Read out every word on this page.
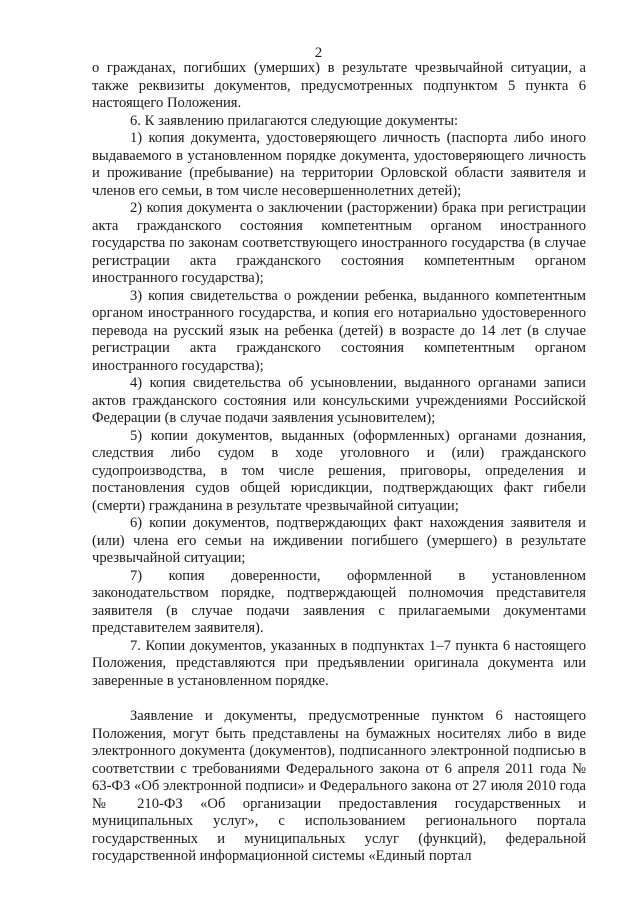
2

о гражданах, погибших (умерших) в результате чрезвычайной ситуации, а также реквизиты документов, предусмотренных подпунктом 5 пункта 6 настоящего Положения.

6. К заявлению прилагаются следующие документы:

1) копия документа, удостоверяющего личность (паспорта либо иного выдаваемого в установленном порядке документа, удостоверяющего личность и проживание (пребывание) на территории Орловской области заявителя и членов его семьи, в том числе несовершеннолетних детей);

2) копия документа о заключении (расторжении) брака при регистрации акта гражданского состояния компетентным органом иностранного государства по законам соответствующего иностранного государства (в случае регистрации акта гражданского состояния компетентным органом иностранного государства);

3) копия свидетельства о рождении ребенка, выданного компетентным органом иностранного государства, и копия его нотариально удостоверенного перевода на русский язык на ребенка (детей) в возрасте до 14 лет (в случае регистрации акта гражданского состояния компетентным органом иностранного государства);

4) копия свидетельства об усыновлении, выданного органами записи актов гражданского состояния или консульскими учреждениями Российской Федерации (в случае подачи заявления усыновителем);

5) копии документов, выданных (оформленных) органами дознания, следствия либо судом в ходе уголовного и (или) гражданского судопроизводства, в том числе решения, приговоры, определения и постановления судов общей юрисдикции, подтверждающих факт гибели (смерти) гражданина в результате чрезвычайной ситуации;

6) копии документов, подтверждающих факт нахождения заявителя и (или) члена его семьи на иждивении погибшего (умершего) в результате чрезвычайной ситуации;

7) копия доверенности, оформленной в установленном законодательством порядке, подтверждающей полномочия представителя заявителя (в случае подачи заявления с прилагаемыми документами представителем заявителя).

7. Копии документов, указанных в подпунктах 1–7 пункта 6 настоящего Положения, представляются при предъявлении оригинала документа или заверенные в установленном порядке.

Заявление и документы, предусмотренные пунктом 6 настоящего Положения, могут быть представлены на бумажных носителях либо в виде электронного документа (документов), подписанного электронной подписью в соответствии с требованиями Федерального закона от 6 апреля 2011 года № 63-ФЗ «Об электронной подписи» и Федерального закона от 27 июля 2010 года № 210-ФЗ «Об организации предоставления государственных и муниципальных услуг», с использованием регионального портала государственных и муниципальных услуг (функций), федеральной государственной информационной системы «Единый портал
